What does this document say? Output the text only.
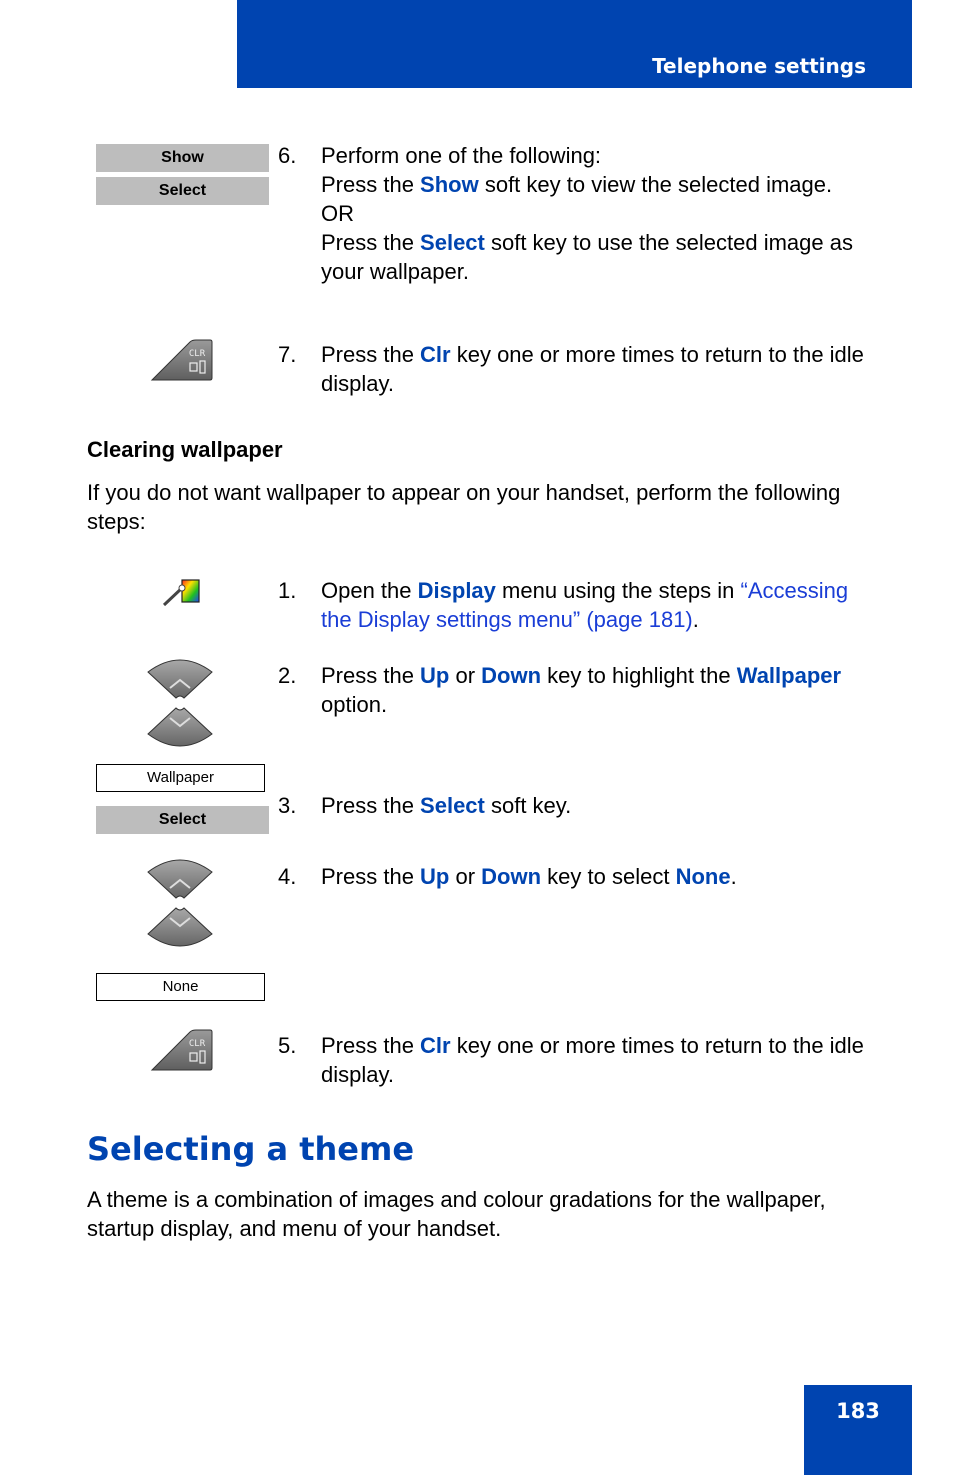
Telephone settings
Show
Select
6. Perform one of the following:
Press the Show soft key to view the selected image.
OR
Press the Select soft key to use the selected image as your wallpaper.
CLR	7. Press the Clr key one or more times to return to the idle display.
Clearing wallpaper
If you do not want wallpaper to appear on your handset, perform the following steps:
1. Open the Display menu using the steps in “Accessing the Display settings menu” (page 181).
2. Press the Up or Down key to highlight the Wallpaper option.
Wallpaper
Select
3. Press the Select soft key.
4. Press the Up or Down key to select None.
None
CLR	5. Press the Clr key one or more times to return to the idle display.
Selecting a theme
A theme is a combination of images and colour gradations for the wallpaper, startup display, and menu of your handset.
183
